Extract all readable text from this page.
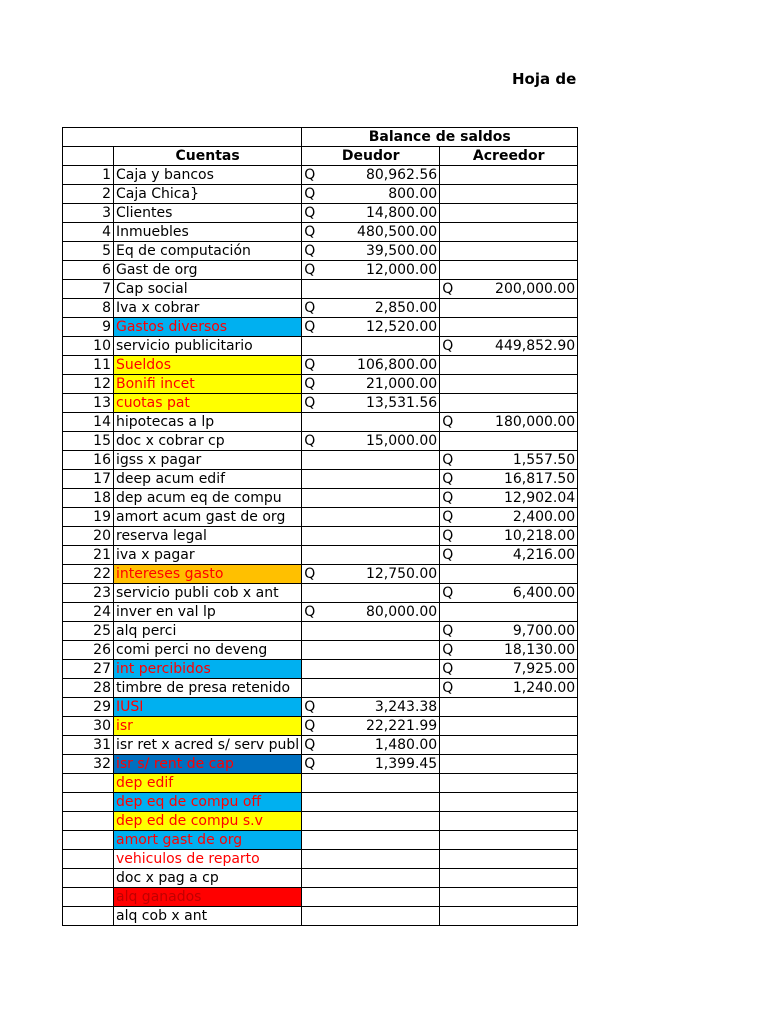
Hoja de
		Balance de saldos			
	Cuentas	Deudor		Acreedor	
1	Caja y bancos	Q	80,962.56		
2	Caja Chica}	Q	800.00		
3	Clientes	Q	14,800.00		
4	Inmuebles	Q	480,500.00		
5	Eq de computación	Q	39,500.00		
6	Gast de org	Q	12,000.00		
7	Cap social			Q	200,000.00
8	Iva x cobrar	Q	2,850.00		
9	Gastos diversos	Q	12,520.00		
10	servicio publicitario			Q	449,852.90
11	Sueldos	Q	106,800.00		
12	Bonifi incet	Q	21,000.00		
13	cuotas pat	Q	13,531.56		
14	hipotecas a lp			Q	180,000.00
15	doc x cobrar cp	Q	15,000.00		
16	igss x pagar			Q	1,557.50
17	deep acum edif			Q	16,817.50
18	dep acum eq de compu			Q	12,902.04
19	amort acum gast de org			Q	2,400.00
20	reserva legal			Q	10,218.00
21	iva x pagar			Q	4,216.00
22	intereses gasto	Q	12,750.00		
23	servicio publi cob x ant			Q	6,400.00
24	inver en val lp	Q	80,000.00		
25	alq perci			Q	9,700.00
26	comi perci no deveng			Q	18,130.00
27	int percibidos			Q	7,925.00
28	timbre de presa retenido			Q	1,240.00
29	IUSI	Q	3,243.38		
30	isr	Q	22,221.99		
31	isr ret x acred s/ serv publ	Q	1,480.00		
32	isr s/ rent de cap	Q	1,399.45		
	dep edif				
	dep eq de compu off				
	dep ed de compu s.v				
	amort gast de org				
	vehiculos de reparto				
	doc x pag a cp				
	alq ganados				
	alq cob x ant				
